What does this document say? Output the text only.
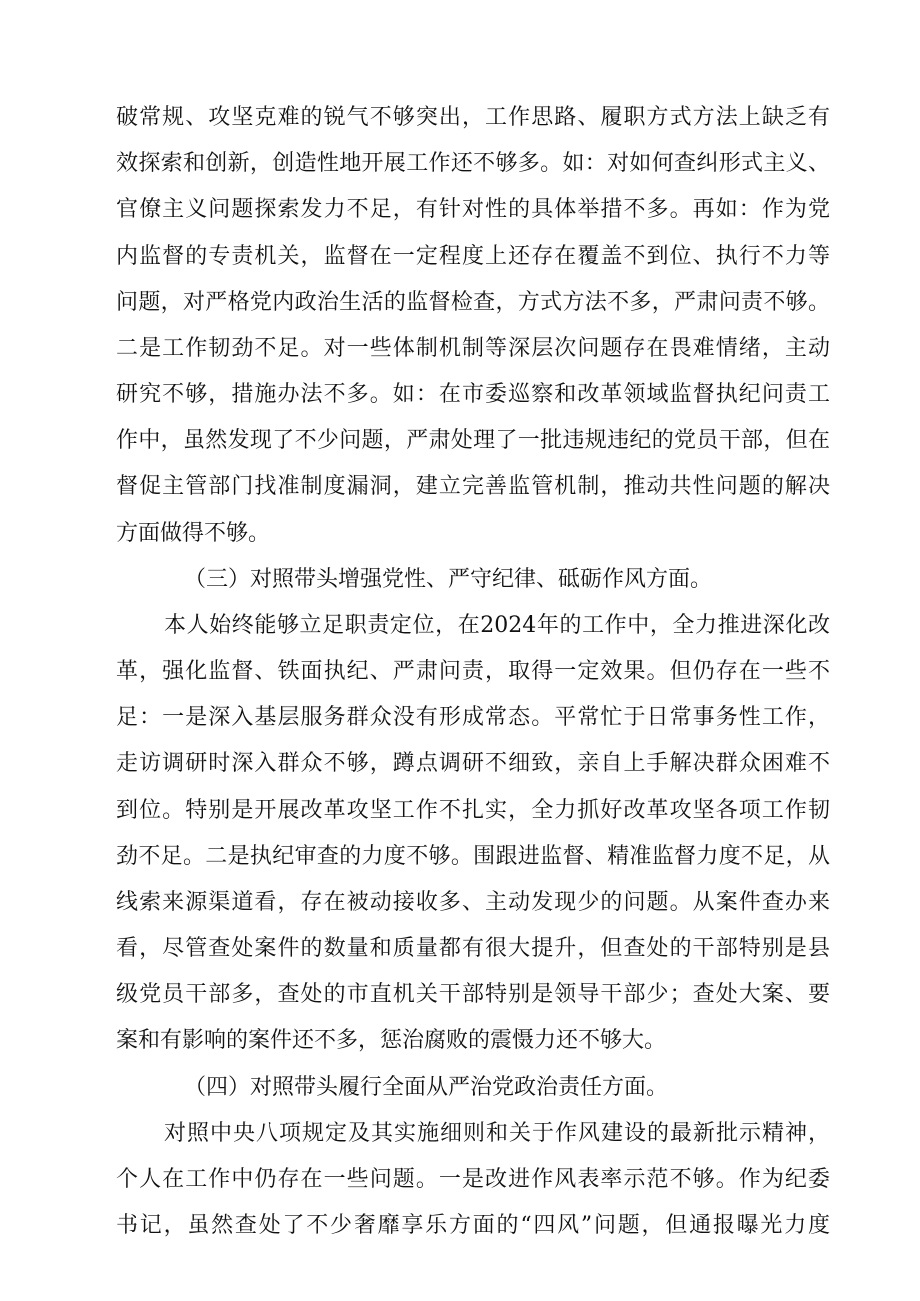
破常规、攻坚克难的锐气不够突出，工作思路、履职方式方法上缺乏有
效探索和创新，创造性地开展工作还不够多。如：对如何查纠形式主义、
官僚主义问题探索发力不足，有针对性的具体举措不多。再如：作为党
内监督的专责机关，监督在一定程度上还存在覆盖不到位、执行不力等
问题，对严格党内政治生活的监督检查，方式方法不多，严肃问责不够。
二是工作韧劲不足。对一些体制机制等深层次问题存在畏难情绪，主动
研究不够，措施办法不多。如：在市委巡察和改革领域监督执纪问责工
作中，虽然发现了不少问题，严肃处理了一批违规违纪的党员干部，但在
督促主管部门找准制度漏洞，建立完善监管机制，推动共性问题的解决
方面做得不够。
（三）对照带头增强党性、严守纪律、砥砺作风方面。
本人始终能够立足职责定位，在2024年的工作中，全力推进深化改
革，强化监督、铁面执纪、严肃问责，取得一定效果。但仍存在一些不
足：一是深入基层服务群众没有形成常态。平常忙于日常事务性工作，
走访调研时深入群众不够，蹲点调研不细致，亲自上手解决群众困难不
到位。特别是开展改革攻坚工作不扎实，全力抓好改革攻坚各项工作韧
劲不足。二是执纪审查的力度不够。围跟进监督、精准监督力度不足，从
线索来源渠道看，存在被动接收多、主动发现少的问题。从案件查办来
看，尽管查处案件的数量和质量都有很大提升，但查处的干部特别是县
级党员干部多，查处的市直机关干部特别是领导干部少；查处大案、要
案和有影响的案件还不多，惩治腐败的震慑力还不够大。
（四）对照带头履行全面从严治党政治责任方面。
对照中央八项规定及其实施细则和关于作风建设的最新批示精神，
个人在工作中仍存在一些问题。一是改进作风表率示范不够。作为纪委
书记，虽然查处了不少奢靡享乐方面的“四风”问题，但通报曝光力度
